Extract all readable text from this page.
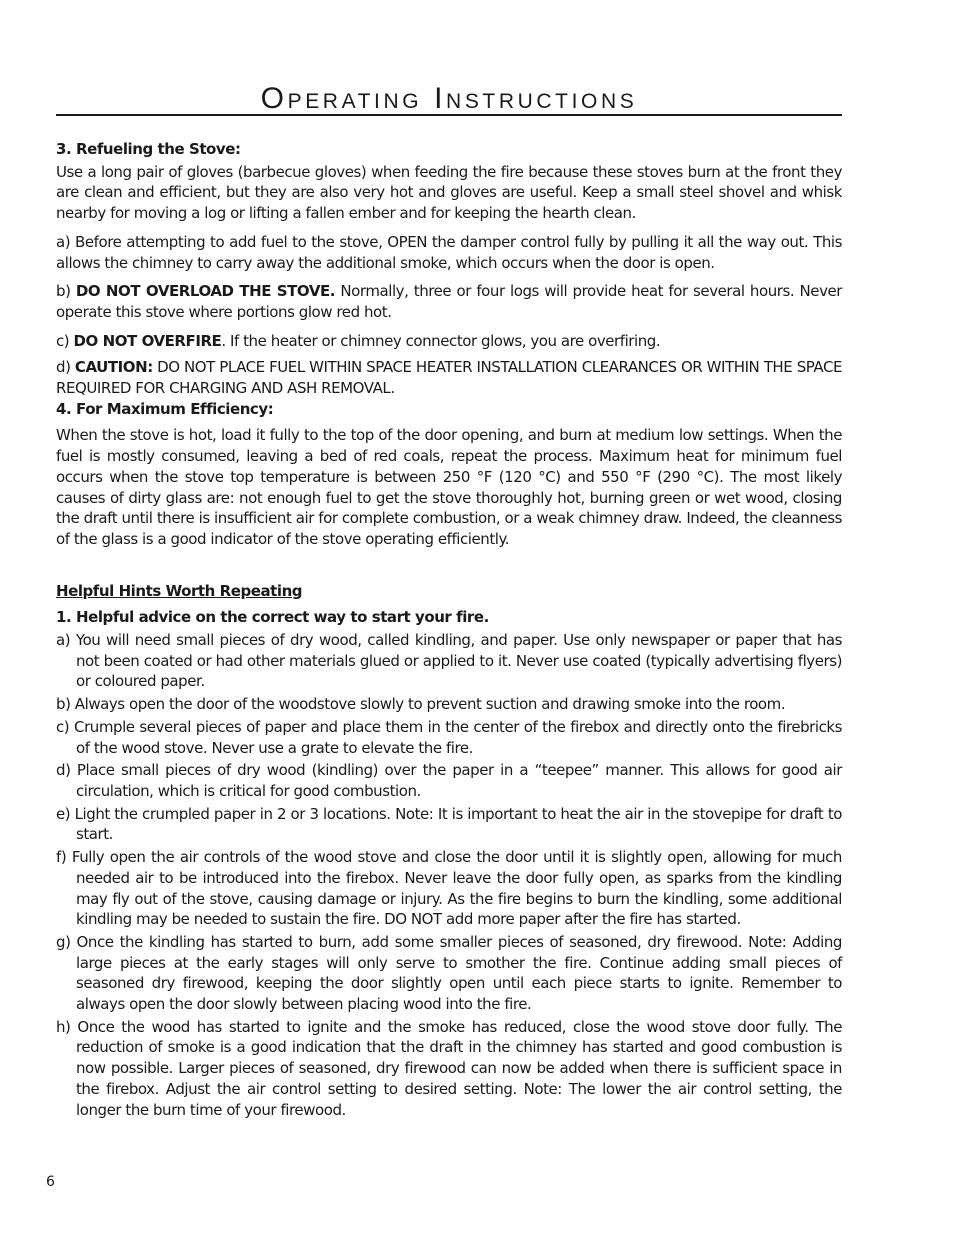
Operating Instructions

3. Refueling the Stove:

Use a long pair of gloves (barbecue gloves) when feeding the fire because these stoves burn at the front they are clean and efficient, but they are also very hot and gloves are useful. Keep a small steel shovel and whisk nearby for moving a log or lifting a fallen ember and for keeping the hearth clean.

a) Before attempting to add fuel to the stove, OPEN the damper control fully by pulling it all the way out. This allows the chimney to carry away the additional smoke, which occurs when the door is open.

b) DO NOT OVERLOAD THE STOVE. Normally, three or four logs will provide heat for several hours. Never operate this stove where portions glow red hot.

c) DO NOT OVERFIRE. If the heater or chimney connector glows, you are overfiring.

d) CAUTION: DO NOT PLACE FUEL WITHIN SPACE HEATER INSTALLATION CLEARANCES OR WITHIN THE SPACE REQUIRED FOR CHARGING AND ASH REMOVAL.

4. For Maximum Efficiency:

When the stove is hot, load it fully to the top of the door opening, and burn at medium low settings. When the fuel is mostly consumed, leaving a bed of red coals, repeat the process. Maximum heat for minimum fuel occurs when the stove top temperature is between 250 °F (120 °C) and 550 °F (290 °C). The most likely causes of dirty glass are: not enough fuel to get the stove thoroughly hot, burning green or wet wood, closing the draft until there is insufficient air for complete combustion, or a weak chimney draw. Indeed, the cleanness of the glass is a good indicator of the stove operating efficiently.

Helpful Hints Worth Repeating

1. Helpful advice on the correct way to start your fire.

a) You will need small pieces of dry wood, called kindling, and paper. Use only newspaper or paper that has not been coated or had other materials glued or applied to it. Never use coated (typically advertising flyers) or coloured paper.

b) Always open the door of the woodstove slowly to prevent suction and drawing smoke into the room.

c) Crumple several pieces of paper and place them in the center of the firebox and directly onto the firebricks of the wood stove. Never use a grate to elevate the fire.

d) Place small pieces of dry wood (kindling) over the paper in a “teepee” manner. This allows for good air circulation, which is critical for good combustion.

e) Light the crumpled paper in 2 or 3 locations. Note: It is important to heat the air in the stovepipe for draft to start.

f) Fully open the air controls of the wood stove and close the door until it is slightly open, allowing for much needed air to be introduced into the firebox. Never leave the door fully open, as sparks from the kindling may fly out of the stove, causing damage or injury. As the fire begins to burn the kindling, some additional kindling may be needed to sustain the fire. DO NOT add more paper after the fire has started.

g) Once the kindling has started to burn, add some smaller pieces of seasoned, dry firewood. Note: Adding large pieces at the early stages will only serve to smother the fire. Continue adding small pieces of seasoned dry firewood, keeping the door slightly open until each piece starts to ignite. Remember to always open the door slowly between placing wood into the fire.

h) Once the wood has started to ignite and the smoke has reduced, close the wood stove door fully. The reduction of smoke is a good indication that the draft in the chimney has started and good combustion is now possible. Larger pieces of seasoned, dry firewood can now be added when there is sufficient space in the firebox. Adjust the air control setting to desired setting. Note: The lower the air control setting, the longer the burn time of your firewood.

6
